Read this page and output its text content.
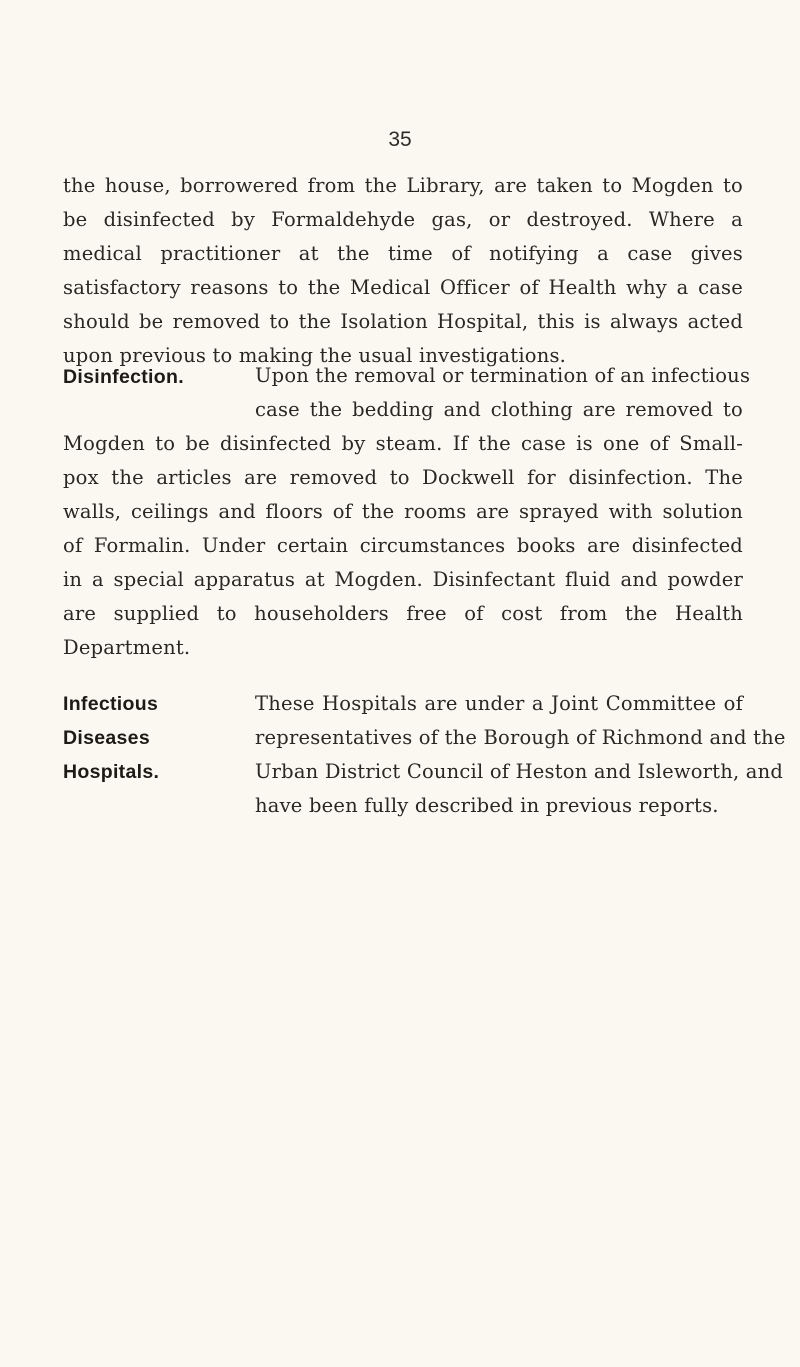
35
the house, borrowered from the Library, are taken to Mogden to
be disinfected by Formaldehyde gas, or destroyed. Where a
medical practitioner at the time of notifying a case gives
satisfactory reasons to the Medical Officer of Health why a case
should be removed to the Isolation Hospital, this is always acted
upon previous to making the usual investigations.
Disinfection.	Upon the removal or termination of an infectious
case the bedding and clothing are removed to
Mogden to be disinfected by steam. If the case is one of Small-
pox the articles are removed to Dockwell for disinfection. The
walls, ceilings and floors of the rooms are sprayed with solution
of Formalin. Under certain circumstances books are disinfected
in a special apparatus at Mogden. Disinfectant fluid and powder
are supplied to householders free of cost from the Health
Department.
Infectious
Diseases
Hospitals.
These Hospitals are under a Joint Committee of
representatives of the Borough of Richmond and the
Urban District Council of Heston and Isleworth, and
have been fully described in previous reports.
